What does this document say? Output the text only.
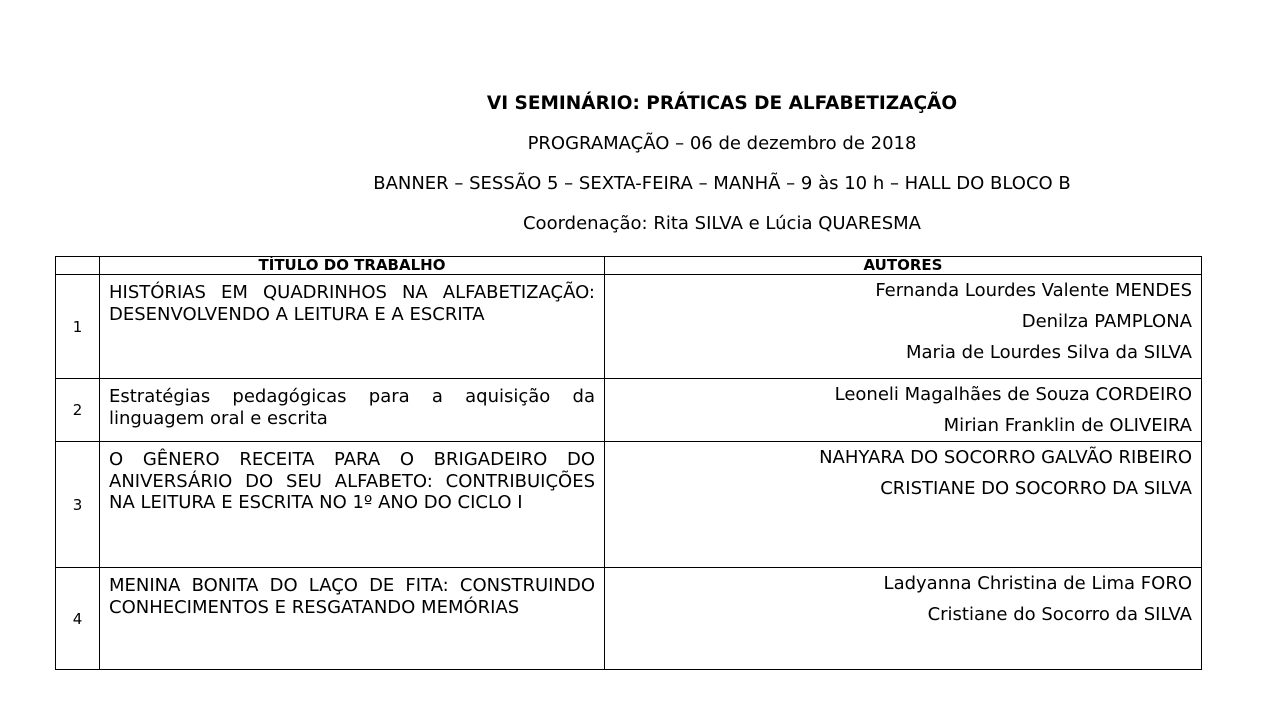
VI SEMINÁRIO: PRÁTICAS DE ALFABETIZAÇÃO
PROGRAMAÇÃO – 06 de dezembro de 2018
BANNER – SESSÃO 5 – SEXTA-FEIRA – MANHÃ – 9 às 10 h – HALL DO BLOCO B
Coordenação: Rita SILVA e Lúcia QUARESMA
	TÍTULO DO TRABALHO	AUTORES
1	HISTÓRIAS EM QUADRINHOS NA ALFABETIZAÇÃO: DESENVOLVENDO A LEITURA E A ESCRITA	Fernanda Lourdes Valente MENDES
Denilza PAMPLONA
Maria de Lourdes Silva da SILVA

2	Estratégias pedagógicas para a aquisição da linguagem oral e escrita	Leoneli Magalhães de Souza CORDEIRO
Mirian Franklin de OLIVEIRA

3	O GÊNERO RECEITA PARA O BRIGADEIRO DO ANIVERSÁRIO DO SEU ALFABETO: CONTRIBUIÇÕES NA LEITURA E ESCRITA NO 1º ANO DO CICLO I	NAHYARA DO SOCORRO GALVÃO RIBEIRO
CRISTIANE DO SOCORRO DA SILVA

4	MENINA BONITA DO LAÇO DE FITA: CONSTRUINDO CONHECIMENTOS E RESGATANDO MEMÓRIAS	Ladyanna Christina de Lima FORO
Cristiane do Socorro da SILVA
